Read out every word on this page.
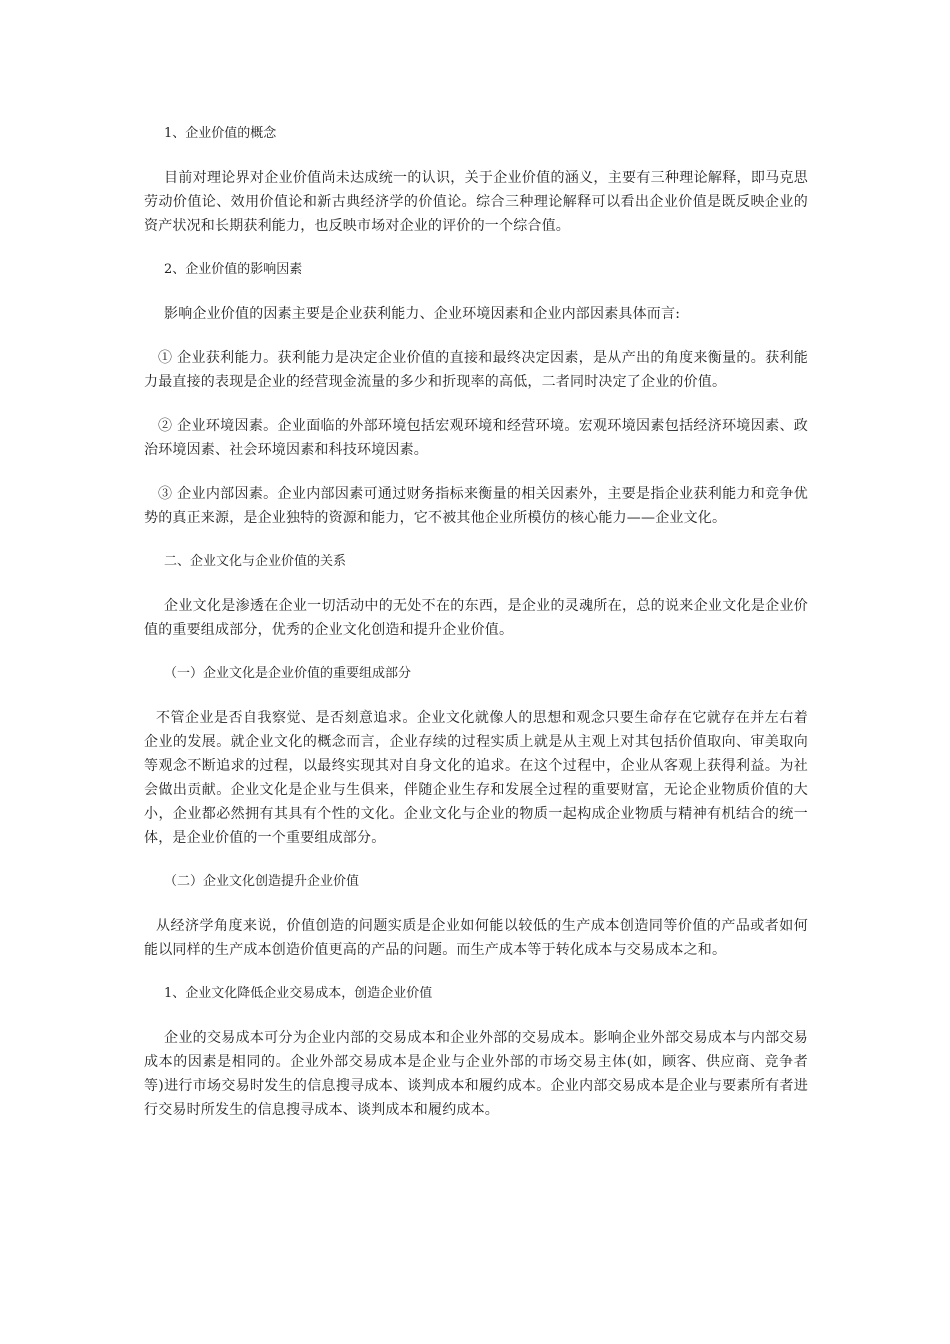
1、企业价值的概念

目前对理论界对企业价值尚未达成统一的认识，关于企业价值的涵义，主要有三种理论解释，即马克思劳动价值论、效用价值论和新古典经济学的价值论。综合三种理论解释可以看出企业价值是既反映企业的资产状况和长期获利能力，也反映市场对企业的评价的一个综合值。

2、企业价值的影响因素

影响企业价值的因素主要是企业获利能力、企业环境因素和企业内部因素具体而言:

① 企业获利能力。获利能力是决定企业价值的直接和最终决定因素，是从产出的角度来衡量的。获利能力最直接的表现是企业的经营现金流量的多少和折现率的高低，二者同时决定了企业的价值。

② 企业环境因素。企业面临的外部环境包括宏观环境和经营环境。宏观环境因素包括经济环境因素、政治环境因素、社会环境因素和科技环境因素。

③ 企业内部因素。企业内部因素可通过财务指标来衡量的相关因素外，主要是指企业获利能力和竞争优势的真正来源，是企业独特的资源和能力，它不被其他企业所模仿的核心能力——企业文化。

二、企业文化与企业价值的关系

企业文化是渗透在企业一切活动中的无处不在的东西，是企业的灵魂所在，总的说来企业文化是企业价值的重要组成部分，优秀的企业文化创造和提升企业价值。

（一）企业文化是企业价值的重要组成部分

不管企业是否自我察觉、是否刻意追求。企业文化就像人的思想和观念只要生命存在它就存在并左右着企业的发展。就企业文化的概念而言，企业存续的过程实质上就是从主观上对其包括价值取向、审美取向等观念不断追求的过程，以最终实现其对自身文化的追求。在这个过程中，企业从客观上获得利益。为社会做出贡献。企业文化是企业与生俱来，伴随企业生存和发展全过程的重要财富，无论企业物质价值的大小，企业都必然拥有其具有个性的文化。企业文化与企业的物质一起构成企业物质与精神有机结合的统一体，是企业价值的一个重要组成部分。

（二）企业文化创造提升企业价值

从经济学角度来说，价值创造的问题实质是企业如何能以较低的生产成本创造同等价值的产品或者如何能以同样的生产成本创造价值更高的产品的问题。而生产成本等于转化成本与交易成本之和。

1、企业文化降低企业交易成本，创造企业价值

企业的交易成本可分为企业内部的交易成本和企业外部的交易成本。影响企业外部交易成本与内部交易成本的因素是相同的。企业外部交易成本是企业与企业外部的市场交易主体(如，顾客、供应商、竞争者等)进行市场交易时发生的信息搜寻成本、谈判成本和履约成本。企业内部交易成本是企业与要素所有者进行交易时所发生的信息搜寻成本、谈判成本和履约成本。
